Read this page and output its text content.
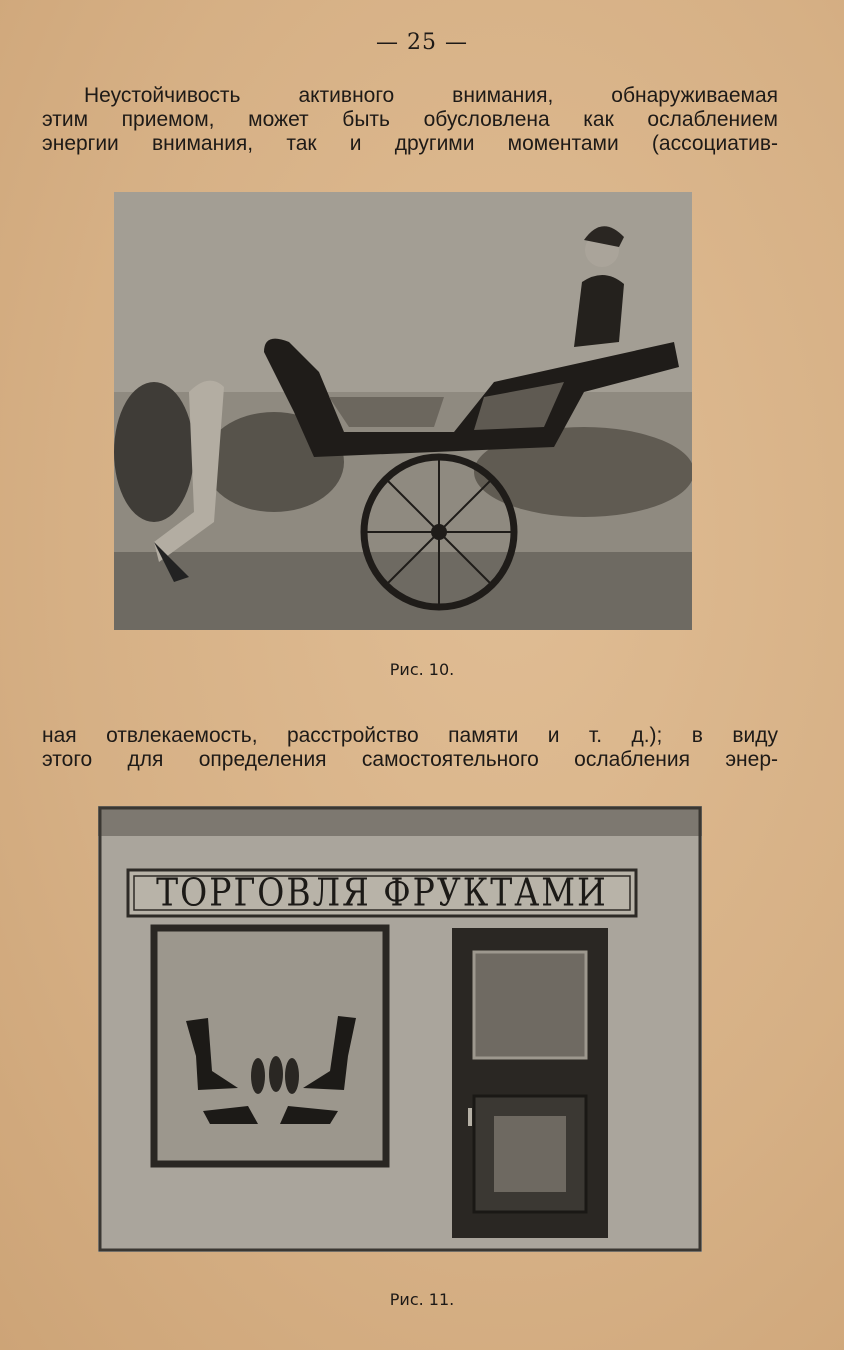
— 25 —
Неустойчивость активного внимания, обнаруживаемая
этим приемом, может быть обусловлена как ослаблением
энергии внимания, так и другими моментами (ассоциатив-
Рис. 10.
ная отвлекаемость, расстройство памяти и т. д.); в виду
этого для определения самостоятельного ослабления энер-
ТОРГОВЛЯ ФРУКТАМИ
Рис. 11.
